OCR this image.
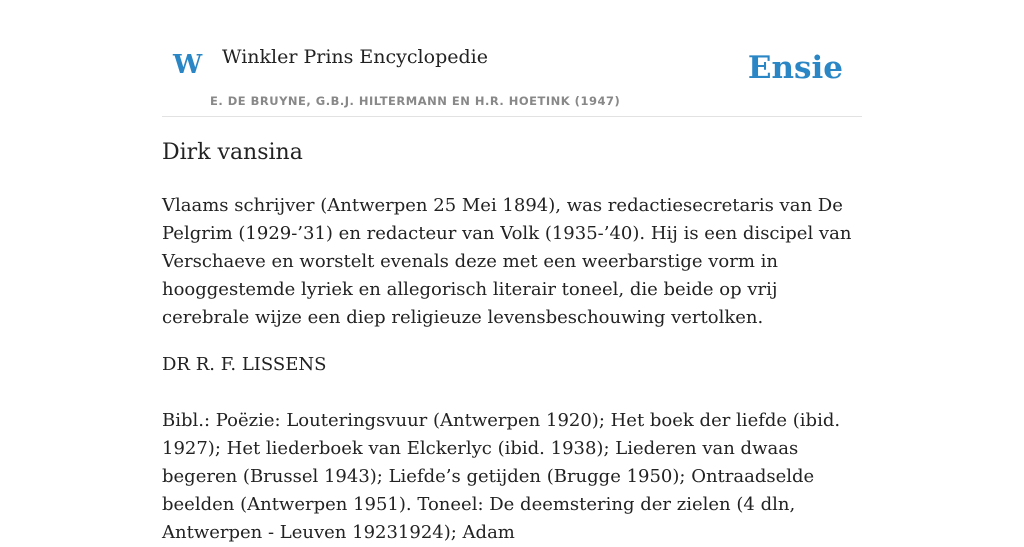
W Winkler Prins Encyclopedie
E. DE BRUYNE, G.B.J. HILTERMANN EN H.R. HOETINK (1947)
Ensie
Dirk vansina

Vlaams schrijver (Antwerpen 25 Mei 1894), was redactiesecretaris van De Pelgrim (1929-’31) en redacteur van Volk (1935-’40). Hij is een discipel van Verschaeve en worstelt evenals deze met een weerbarstige vorm in hooggestemde lyriek en allegorisch literair toneel, die beide op vrij cerebrale wijze een diep religieuze levensbeschouwing vertolken.

DR R. F. LISSENS

Bibl.: Poëzie: Louteringsvuur (Antwerpen 1920); Het boek der liefde (ibid. 1927); Het liederboek van Elckerlyc (ibid. 1938); Liederen van dwaas begeren (Brussel 1943); Liefde’s getijden (Brugge 1950); Ontraadselde beelden (Antwerpen 1951). Toneel: De deemstering der zielen (4 dln, Antwerpen - Leuven 19231924); Adam
